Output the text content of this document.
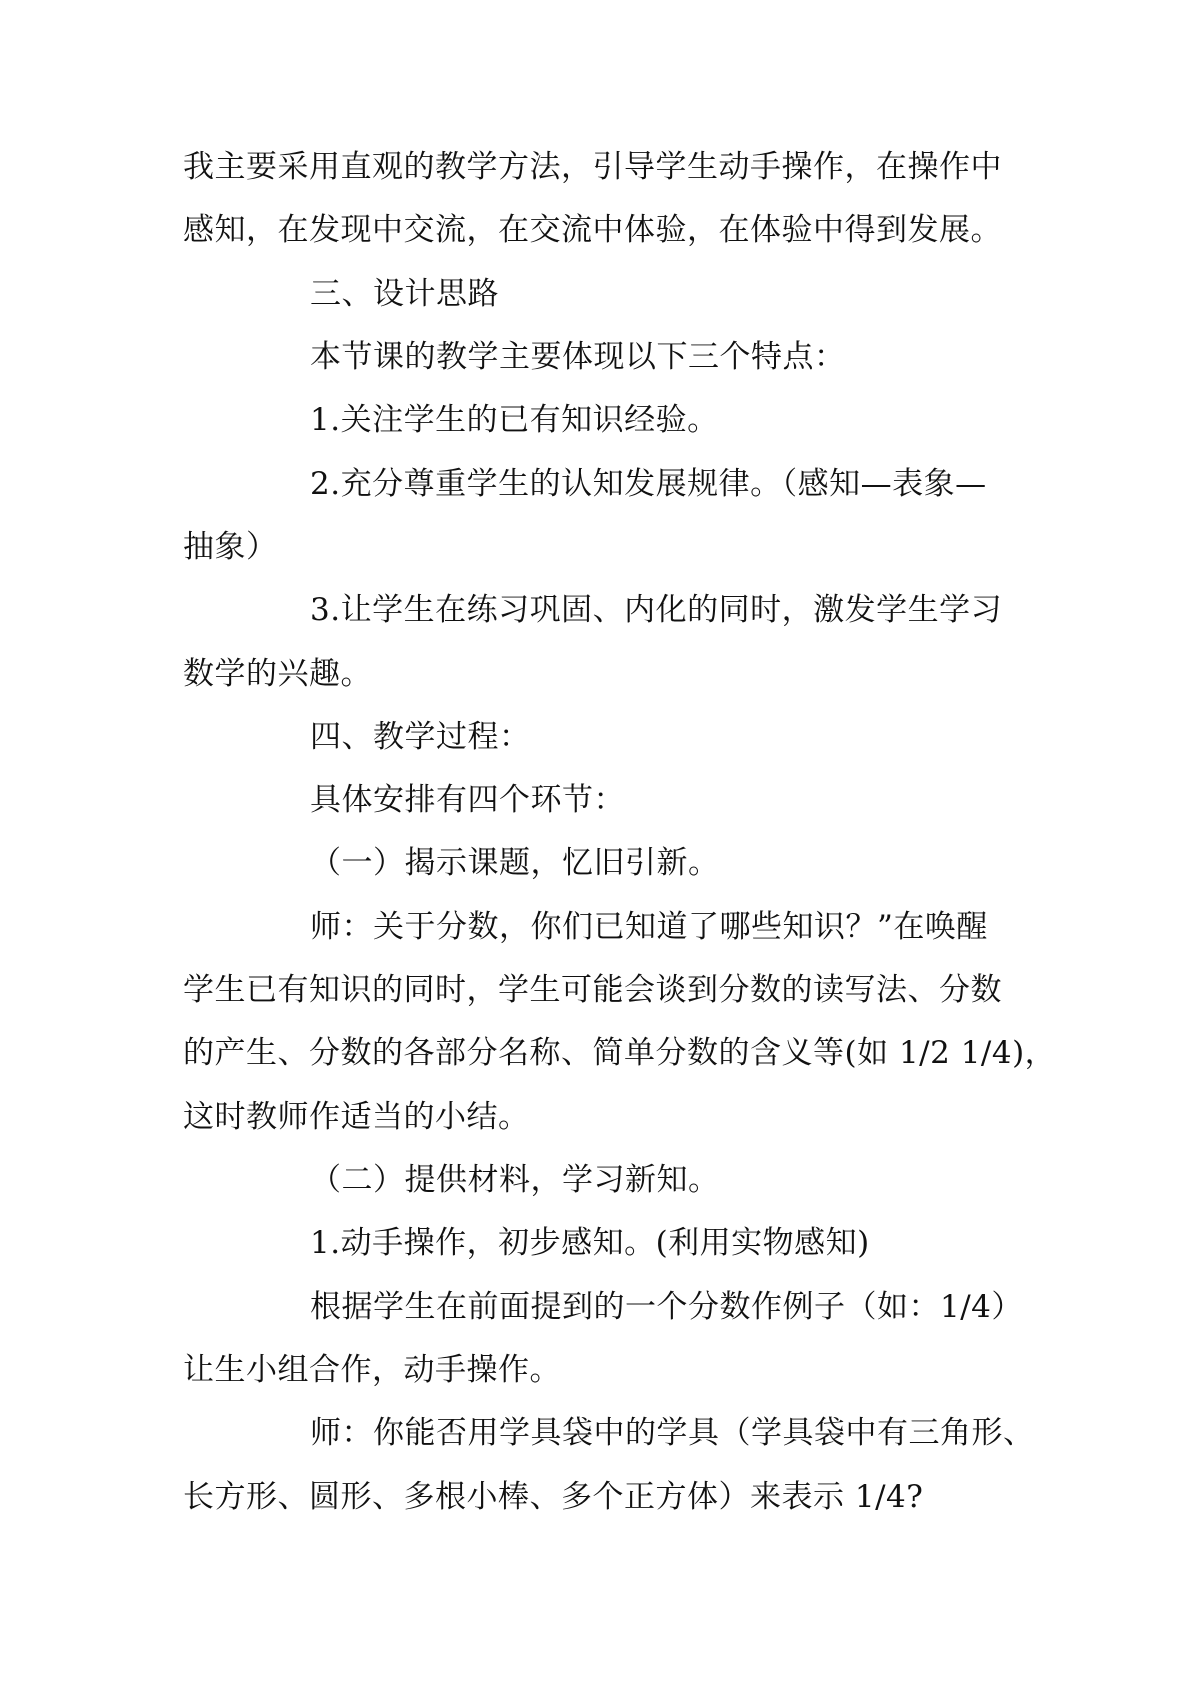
我主要采用直观的教学方法，引导学生动手操作，在操作中
感知，在发现中交流，在交流中体验，在体验中得到发展。
三、设计思路
本节课的教学主要体现以下三个特点：
1.关注学生的已有知识经验。
2.充分尊重学生的认知发展规律。（感知—表象—
抽象）
3.让学生在练习巩固、内化的同时，激发学生学习
数学的兴趣。
四、教学过程：
具体安排有四个环节：
（一）揭示课题，忆旧引新。
师：关于分数，你们已知道了哪些知识？”在唤醒
学生已有知识的同时，学生可能会谈到分数的读写法、分数
的产生、分数的各部分名称、简单分数的含义等(如 1/2 1/4)，
这时教师作适当的小结。
（二）提供材料，学习新知。
1.动手操作，初步感知。(利用实物感知)
根据学生在前面提到的一个分数作例子（如：1/4）
让生小组合作，动手操作。
师：你能否用学具袋中的学具（学具袋中有三角形、
长方形、圆形、多根小棒、多个正方体）来表示 1/4?
